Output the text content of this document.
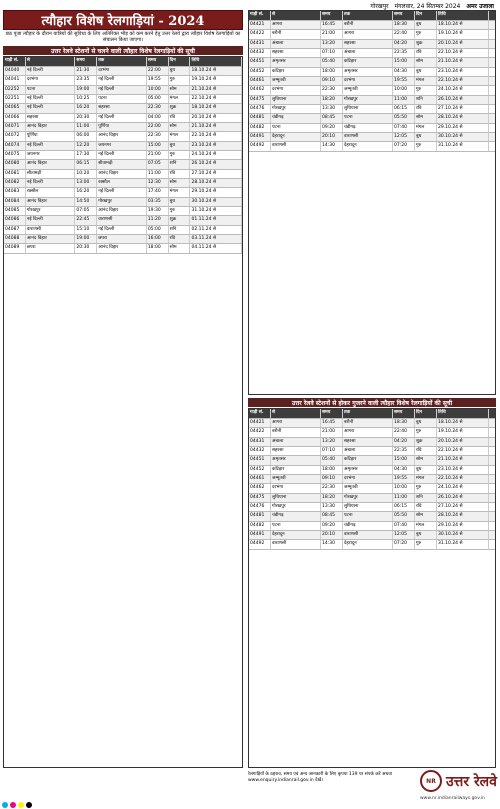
गोरखपुर मंगलवार, 24 सितम्बर 2024 अमर उजाला
त्यौहार विशेष रेलगाड़ियां - 2024
छठ पूजा त्यौहार के दौरान यात्रियों की सुविधा के लिए अतिरिक्त भीड़ को कम करने हेतु उत्तर रेलवे द्वारा त्यौहार विशेष रेलगाड़ियों का संचालन किया जाएगा।
उत्तर रेलवे स्टेशनों से चलने वाली त्यौहार विशेष रेलगाड़ियों की सूची
गाड़ी सं.	से	समय	तक	समय	दिन	तिथि
04040	नई दिल्ली	21:30	दरभंगा	22:00	बुध	18.10.24 से
04041	दरभंगा	23:35	नई दिल्ली	19:55	गुरु	19.10.24 से
02252	पटना	19:00	नई दिल्ली	10:00	सोम	21.10.24 से
02251	नई दिल्ली	10:25	पटना	05:00	मंगल	22.10.24 से
04065	नई दिल्ली	16:20	सहरसा	22:30	शुक्र	18.10.24 से
04066	सहरसा	20:30	नई दिल्ली	04:00	रवि	20.10.24 से
04071	आनंद विहार	11:00	पूर्णिया	22:00	सोम	21.10.24 से
04072	पूर्णिया	06:00	आनंद विहार	22:30	मंगल	22.10.24 से
04074	नई दिल्ली	12:20	जयनगर	15:00	बुध	23.10.24 से
04075	जयनगर	17:30	नई दिल्ली	21:00	गुरु	24.10.24 से
04080	आनंद विहार	06:15	सीतामढ़ी	07:05	शनि	26.10.24 से
04081	सीतामढ़ी	10:20	आनंद विहार	11:00	रवि	27.10.24 से
04082	नई दिल्ली	13:00	रक्सौल	12:30	सोम	28.10.24 से
04083	रक्सौल	16:20	नई दिल्ली	17:40	मंगल	29.10.24 से
04084	आनंद विहार	14:50	गोरखपुर	03:35	बुध	30.10.24 से
04085	गोरखपुर	07:05	आनंद विहार	19:30	गुरु	31.10.24 से
04086	नई दिल्ली	22:45	वाराणसी	11:20	शुक्र	01.11.24 से
04087	वाराणसी	15:10	नई दिल्ली	05:00	शनि	02.11.24 से
04088	आनंद विहार	19:00	छपरा	16:00	रवि	03.11.24 से
04089	छपरा	20:30	आनंद विहार	18:00	सोम	04.11.24 से
उत्तर रेलवे स्टेशनों से होकर गुजरने वाली त्यौहार विशेष रेलगाड़ियों की सूची
गाड़ी सं.	से	समय	तक	समय	दिन	तिथि
04421	आगरा	16:45	बरौनी	18:30	बुध	18.10.24 से
04422	बरौनी	21:00	आगरा	22:40	गुरु	19.10.24 से
04431	अंबाला	13:20	सहरसा	04:20	शुक्र	20.10.24 से
04432	सहरसा	07:10	अंबाला	22:35	रवि	22.10.24 से
04451	अमृतसर	05:40	कटिहार	15:00	सोम	21.10.24 से
04452	कटिहार	18:00	अमृतसर	04:30	बुध	23.10.24 से
04461	जम्मूतवी	09:10	दरभंगा	19:55	मंगल	22.10.24 से
04462	दरभंगा	22:30	जम्मूतवी	10:00	गुरु	24.10.24 से
04475	लुधियाना	18:20	गोरखपुर	11:00	शनि	26.10.24 से
04476	गोरखपुर	13:30	लुधियाना	06:15	रवि	27.10.24 से
04481	चंडीगढ़	08:45	पटना	05:50	सोम	28.10.24 से
04482	पटना	09:20	चंडीगढ़	07:40	मंगल	29.10.24 से
04491	देहरादून	20:10	वाराणसी	12:05	बुध	30.10.24 से
04492	वाराणसी	14:30	देहरादून	07:20	गुरु	31.10.24 से
गाड़ी सं.	से	समय	तक	समय	दिन	तिथि
04421	आगरा	16:45	बरौनी	18:30	बुध	18.10.24 से
04422	बरौनी	21:00	आगरा	22:40	गुरु	19.10.24 से
04431	अंबाला	13:20	सहरसा	04:20	शुक्र	20.10.24 से
04432	सहरसा	07:10	अंबाला	22:35	रवि	22.10.24 से
04451	अमृतसर	05:40	कटिहार	15:00	सोम	21.10.24 से
04452	कटिहार	18:00	अमृतसर	04:30	बुध	23.10.24 से
04461	जम्मूतवी	09:10	दरभंगा	19:55	मंगल	22.10.24 से
04462	दरभंगा	22:30	जम्मूतवी	10:00	गुरु	24.10.24 से
04475	लुधियाना	18:20	गोरखपुर	11:00	शनि	26.10.24 से
04476	गोरखपुर	13:30	लुधियाना	06:15	रवि	27.10.24 से
04481	चंडीगढ़	08:45	पटना	05:50	सोम	28.10.24 से
04482	पटना	09:20	चंडीगढ़	07:40	मंगल	29.10.24 से
04491	देहरादून	20:10	वाराणसी	12:05	बुध	30.10.24 से
04492	वाराणसी	14:30	देहरादून	07:20	गुरु	31.10.24 से
रेलगाड़ियों के ठहराव, समय एवं अन्य जानकारी के लिए कृपया 139 पर संपर्क करें अथवा www.enquiry.indianrail.gov.in देखें।	NR उत्तर रेलवे
www.nr.indianrailways.gov.in
